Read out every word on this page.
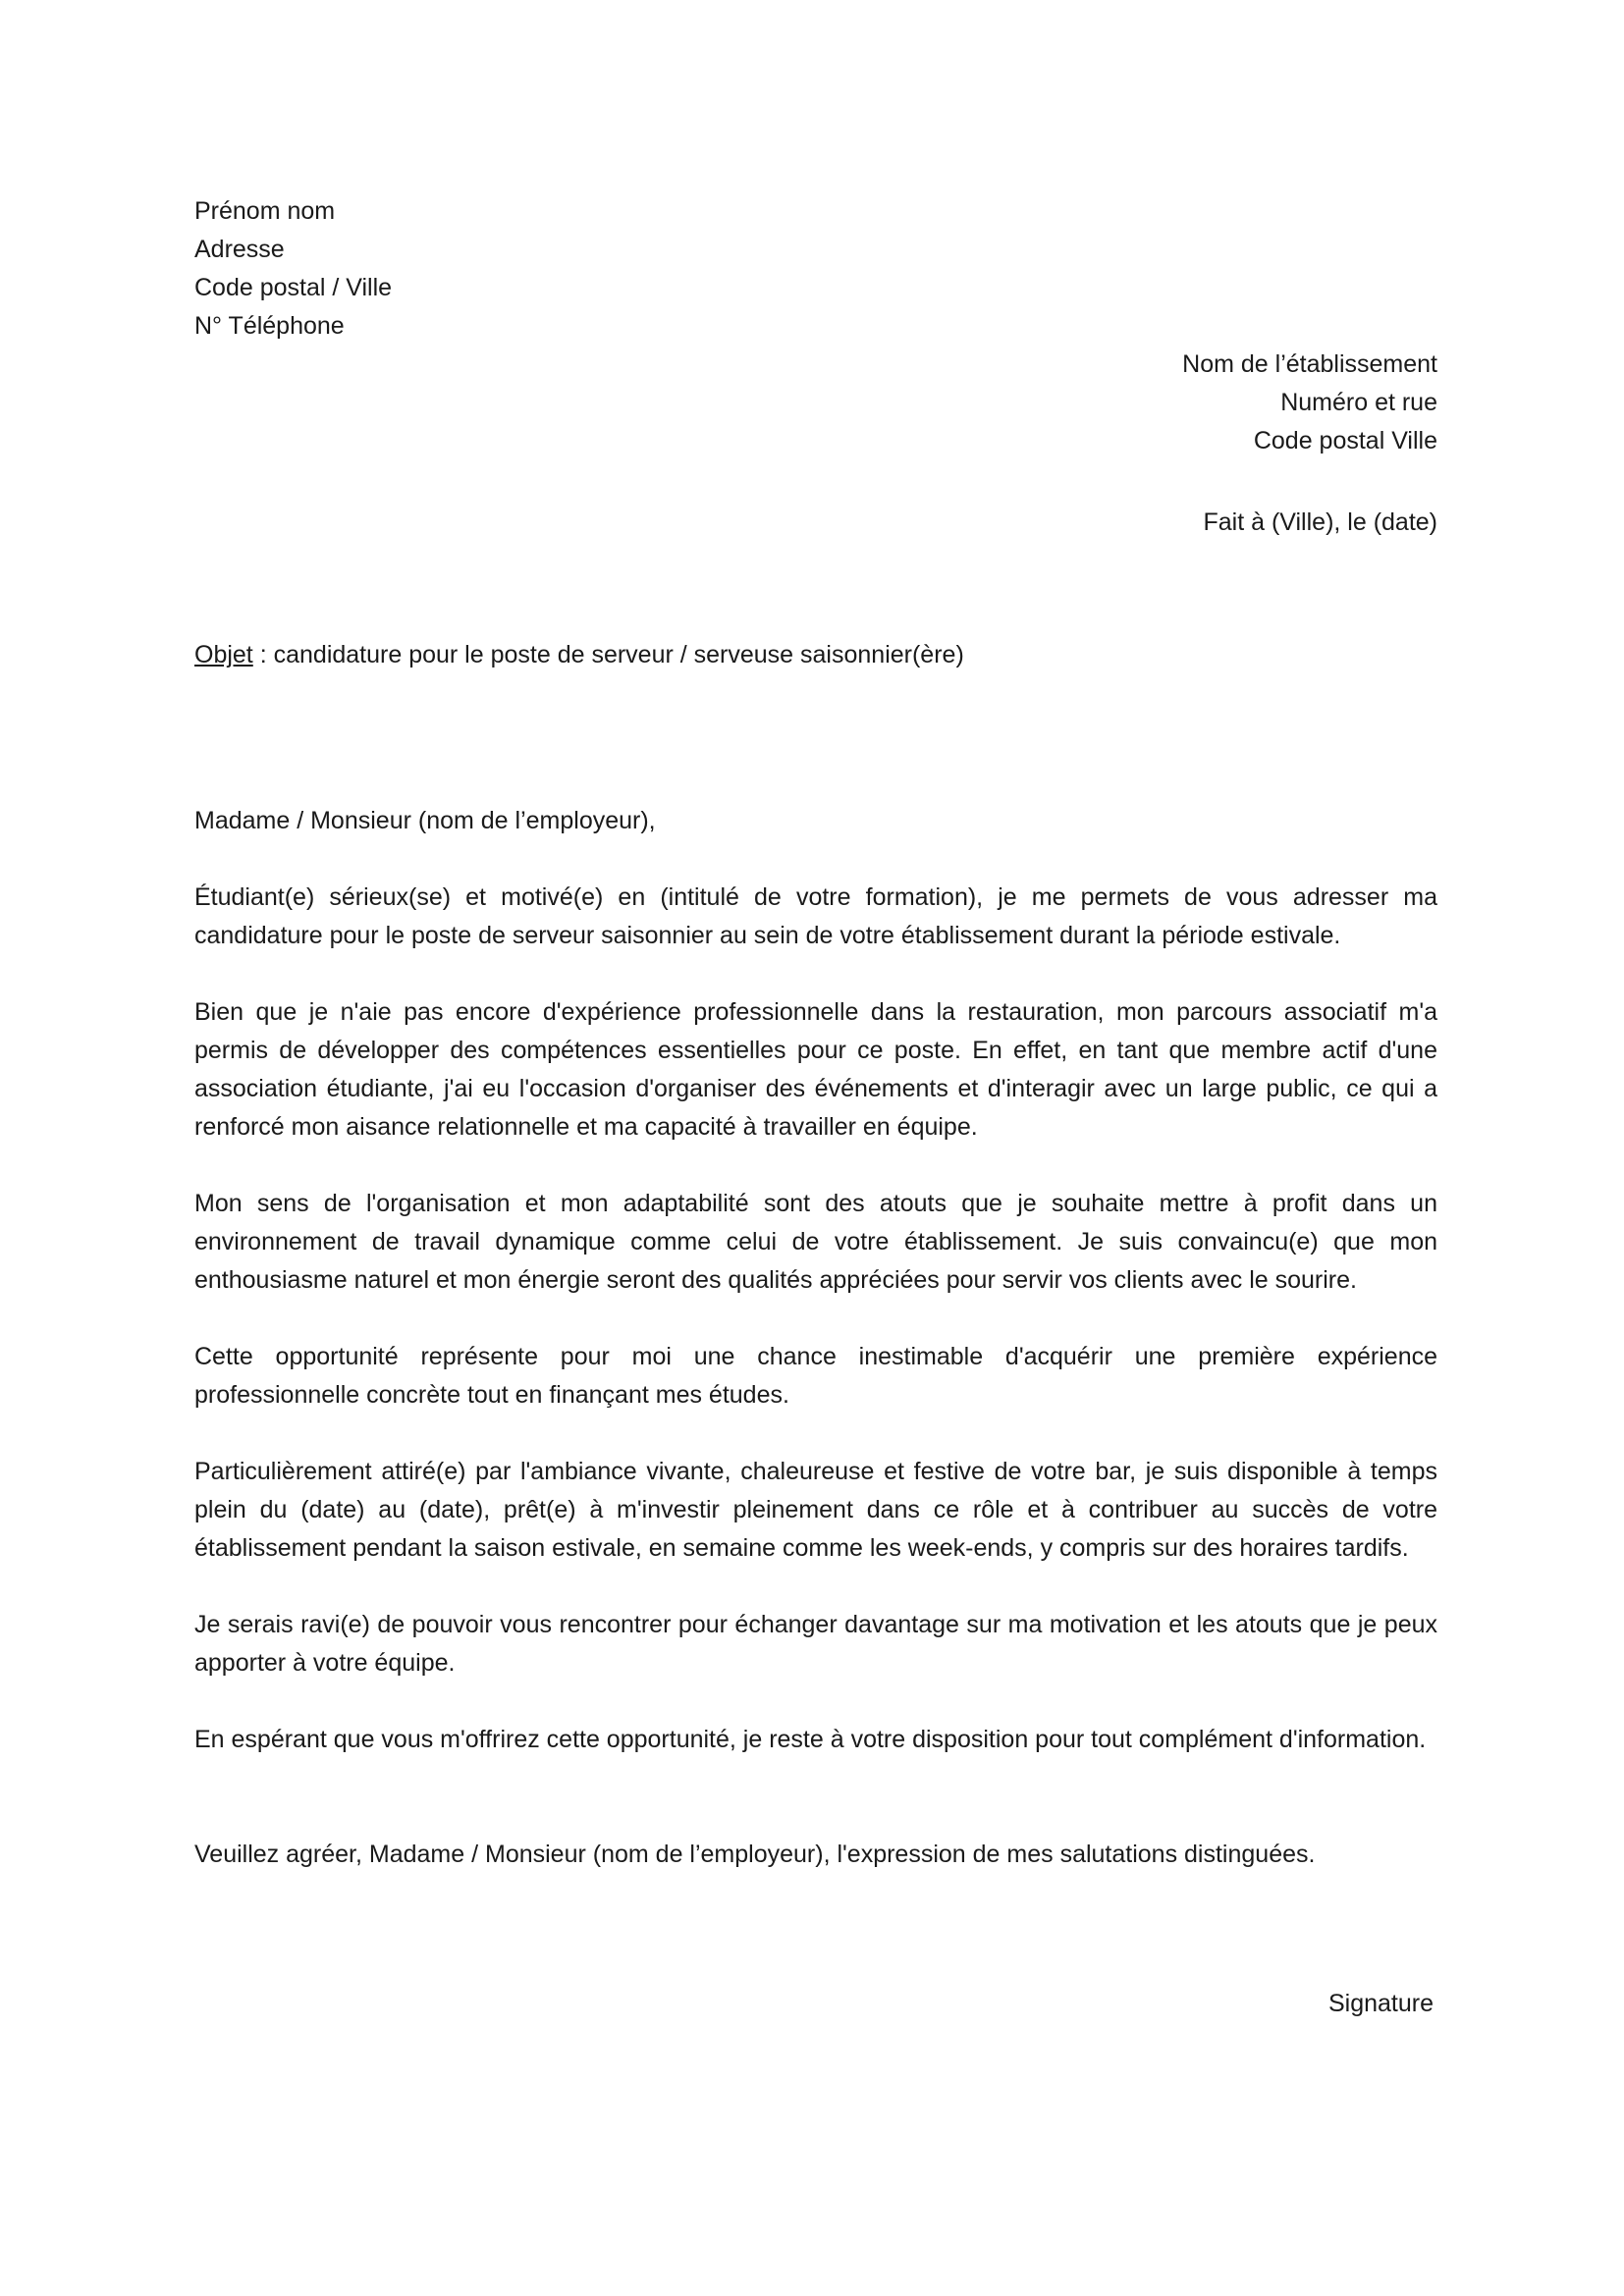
Prénom nom
Adresse
Code postal / Ville
N° Téléphone
Nom de l’établissement
Numéro et rue
Code postal Ville
Fait à (Ville), le (date)
Objet : candidature pour le poste de serveur / serveuse saisonnier(ère)
Madame / Monsieur (nom de l’employeur),

Étudiant(e) sérieux(se) et motivé(e) en (intitulé de votre formation), je me permets de vous adresser ma candidature pour le poste de serveur saisonnier au sein de votre établissement durant la période estivale.

Bien que je n'aie pas encore d'expérience professionnelle dans la restauration, mon parcours associatif m'a permis de développer des compétences essentielles pour ce poste. En effet, en tant que membre actif d'une association étudiante, j'ai eu l'occasion d'organiser des événements et d'interagir avec un large public, ce qui a renforcé mon aisance relationnelle et ma capacité à travailler en équipe.

Mon sens de l'organisation et mon adaptabilité sont des atouts que je souhaite mettre à profit dans un environnement de travail dynamique comme celui de votre établissement. Je suis convaincu(e) que mon enthousiasme naturel et mon énergie seront des qualités appréciées pour servir vos clients avec le sourire.

Cette opportunité représente pour moi une chance inestimable d'acquérir une première expérience professionnelle concrète tout en finançant mes études.

Particulièrement attiré(e) par l'ambiance vivante, chaleureuse et festive de votre bar, je suis disponible à temps plein du (date) au (date), prêt(e) à m'investir pleinement dans ce rôle et à contribuer au succès de votre établissement pendant la saison estivale, en semaine comme les week-ends, y compris sur des horaires tardifs.

Je serais ravi(e) de pouvoir vous rencontrer pour échanger davantage sur ma motivation et les atouts que je peux apporter à votre équipe.

En espérant que vous m'offrirez cette opportunité, je reste à votre disposition pour tout complément d'information.

Veuillez agréer, Madame / Monsieur (nom de l’employeur), l'expression de mes salutations distinguées.

Signature
